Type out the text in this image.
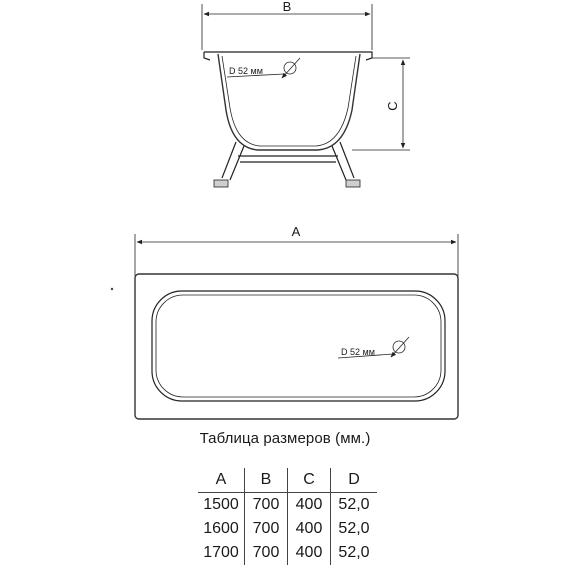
B
D 52 мм
C
A
D 52 мм
Таблица размеров (мм.)
A	B	C	D
1500	700	400	52,0
1600	700	400	52,0
1700	700	400	52,0
